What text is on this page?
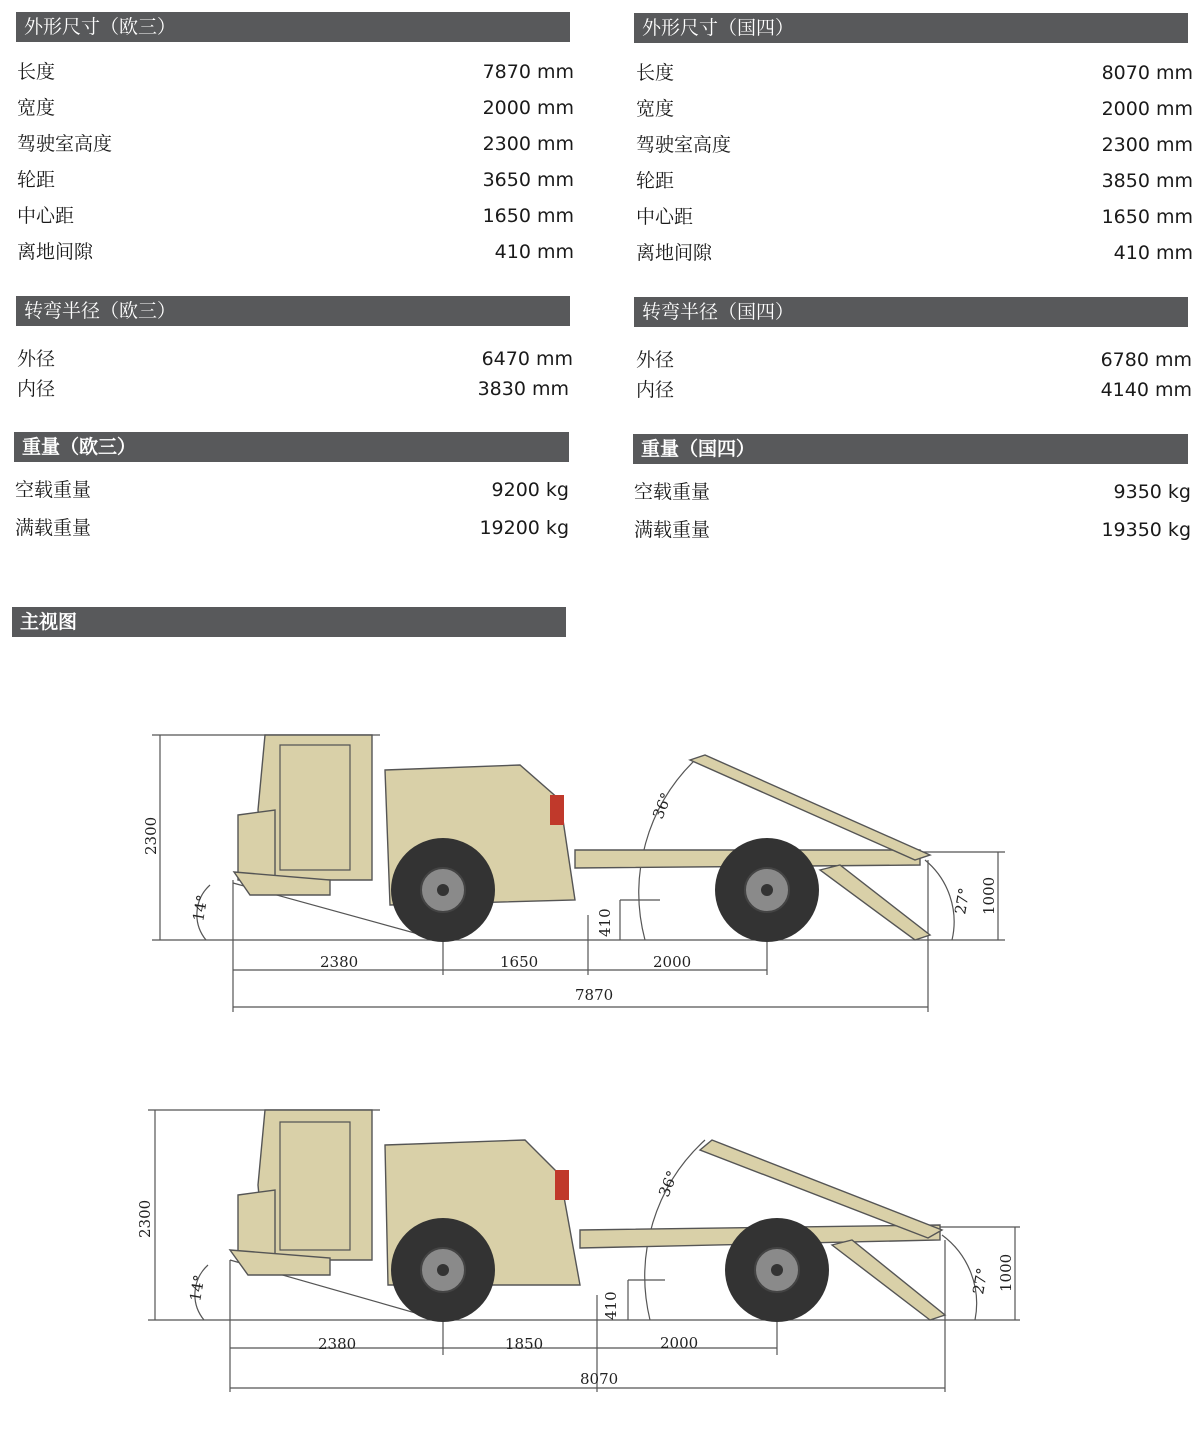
外形尺寸（欧三）
长度	7870 mm
宽度	2000 mm
驾驶室高度	2300 mm
轮距	3650 mm
中心距	1650 mm
离地间隙	410 mm
转弯半径（欧三）
外径	6470 mm
内径	3830 mm
重量（欧三）
空载重量	9200 kg
满载重量	19200 kg
外形尺寸（国四）
长度	8070 mm
宽度	2000 mm
驾驶室高度	2300 mm
轮距	3850 mm
中心距	1650 mm
离地间隙	410 mm
转弯半径（国四）
外径	6780 mm
内径	4140 mm
重量（国四）
空载重量	9350 kg
满载重量	19350 kg
主视图
2300
14°
36°
27° 1000
410
2380	1650	2000
7870
2300
14°
36°
27° 1000
410
2380	1850	2000
8070
